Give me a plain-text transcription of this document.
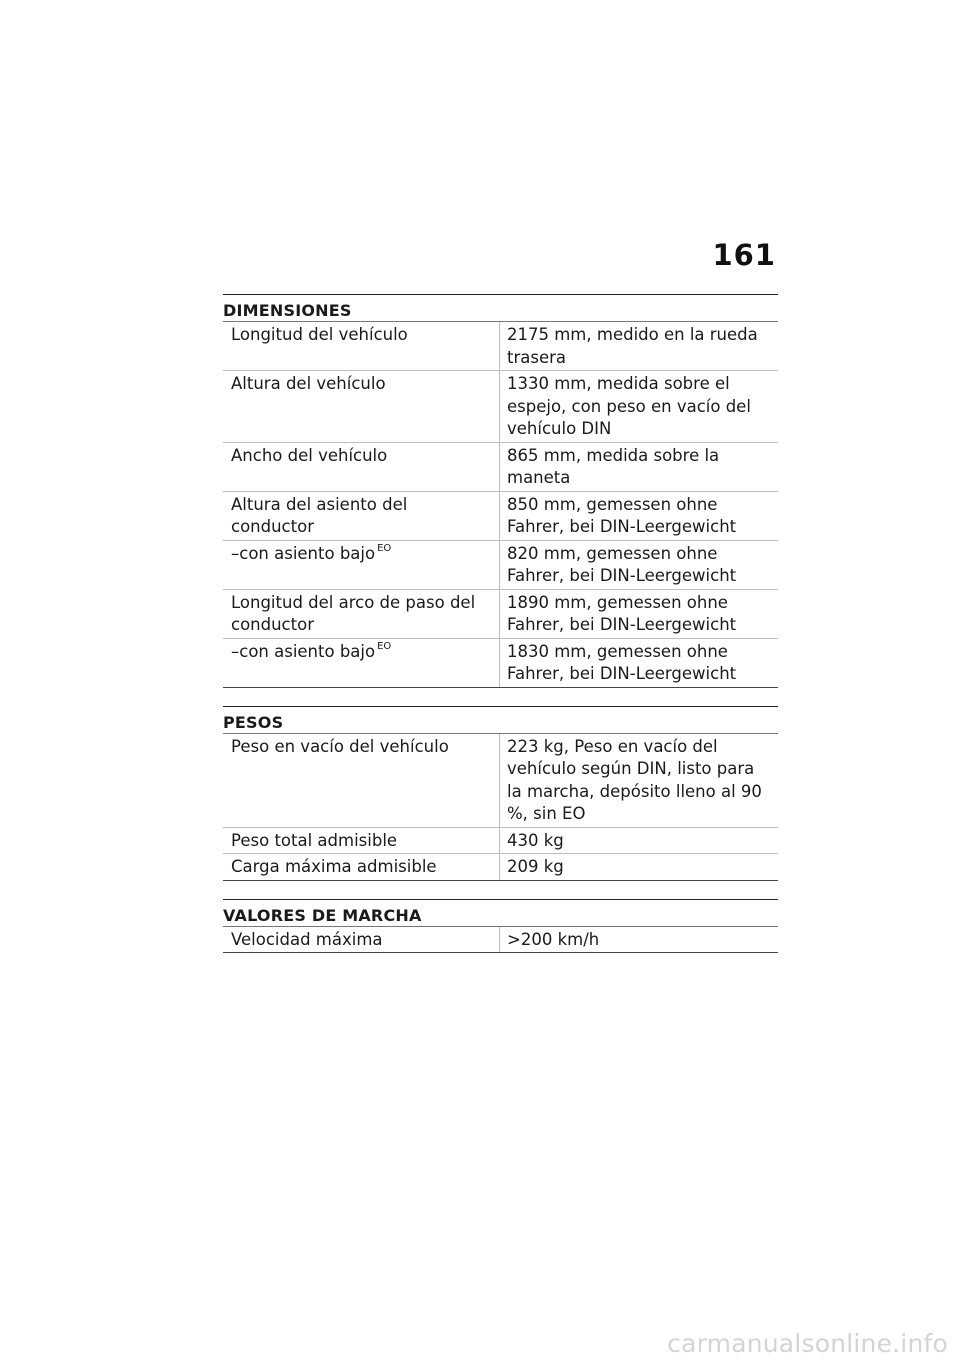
161
DIMENSIONES
Longitud del vehículo	2175 mm, medido en la rueda trasera
Altura del vehículo	1330 mm, medida sobre el espejo, con peso en vacío del vehículo DIN
Ancho del vehículo	865 mm, medida sobre la maneta
Altura del asiento del conductor	850 mm, gemessen ohne Fahrer, bei DIN-Leergewicht
–con asiento bajo $^{EO}$	820 mm, gemessen ohne Fahrer, bei DIN-Leergewicht
Longitud del arco de paso del conductor	1890 mm, gemessen ohne Fahrer, bei DIN-Leergewicht
–con asiento bajo $^{EO}$	1830 mm, gemessen ohne Fahrer, bei DIN-Leergewicht
PESOS
Peso en vacío del vehículo	223 kg, Peso en vacío del vehículo según DIN, listo para la marcha, depósito lleno al 90 %, sin EO
Peso total admisible	430 kg
Carga máxima admisible	209 kg
VALORES DE MARCHA
Velocidad máxima	>200 km/h
carmanualsonline.info
